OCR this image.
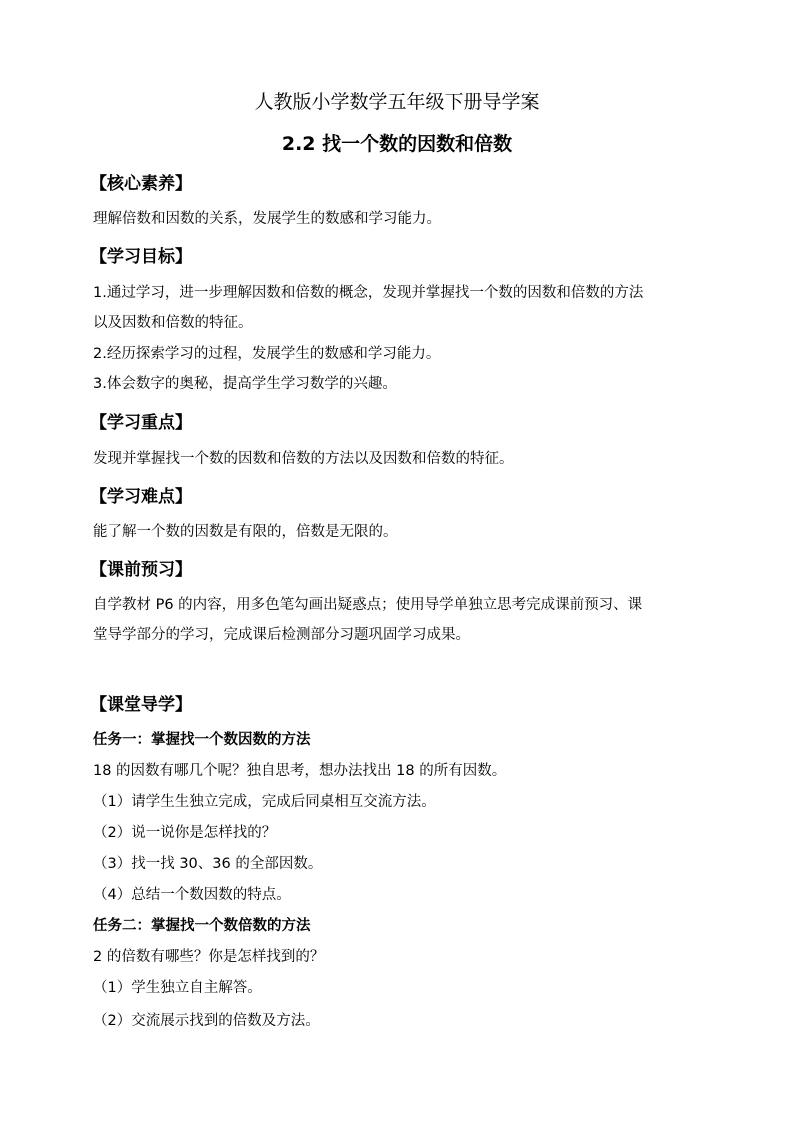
人教版小学数学五年级下册导学案
2.2 找一个数的因数和倍数
【核心素养】
理解倍数和因数的关系，发展学生的数感和学习能力。
【学习目标】
1.通过学习，进一步理解因数和倍数的概念，发现并掌握找一个数的因数和倍数的方法
以及因数和倍数的特征。
2.经历探索学习的过程，发展学生的数感和学习能力。
3.体会数字的奥秘，提高学生学习数学的兴趣。
【学习重点】
发现并掌握找一个数的因数和倍数的方法以及因数和倍数的特征。
【学习难点】
能了解一个数的因数是有限的，倍数是无限的。
【课前预习】
自学教材 P6 的内容，用多色笔勾画出疑惑点；使用导学单独立思考完成课前预习、课
堂导学部分的学习，完成课后检测部分习题巩固学习成果。
【课堂导学】
任务一：掌握找一个数因数的方法
18 的因数有哪几个呢？独自思考，想办法找出 18 的所有因数。
（1）请学生生独立完成，完成后同桌相互交流方法。
（2）说一说你是怎样找的？
（3）找一找 30、36 的全部因数。
（4）总结一个数因数的特点。
任务二：掌握找一个数倍数的方法
2 的倍数有哪些？你是怎样找到的？
（1）学生独立自主解答。
（2）交流展示找到的倍数及方法。
